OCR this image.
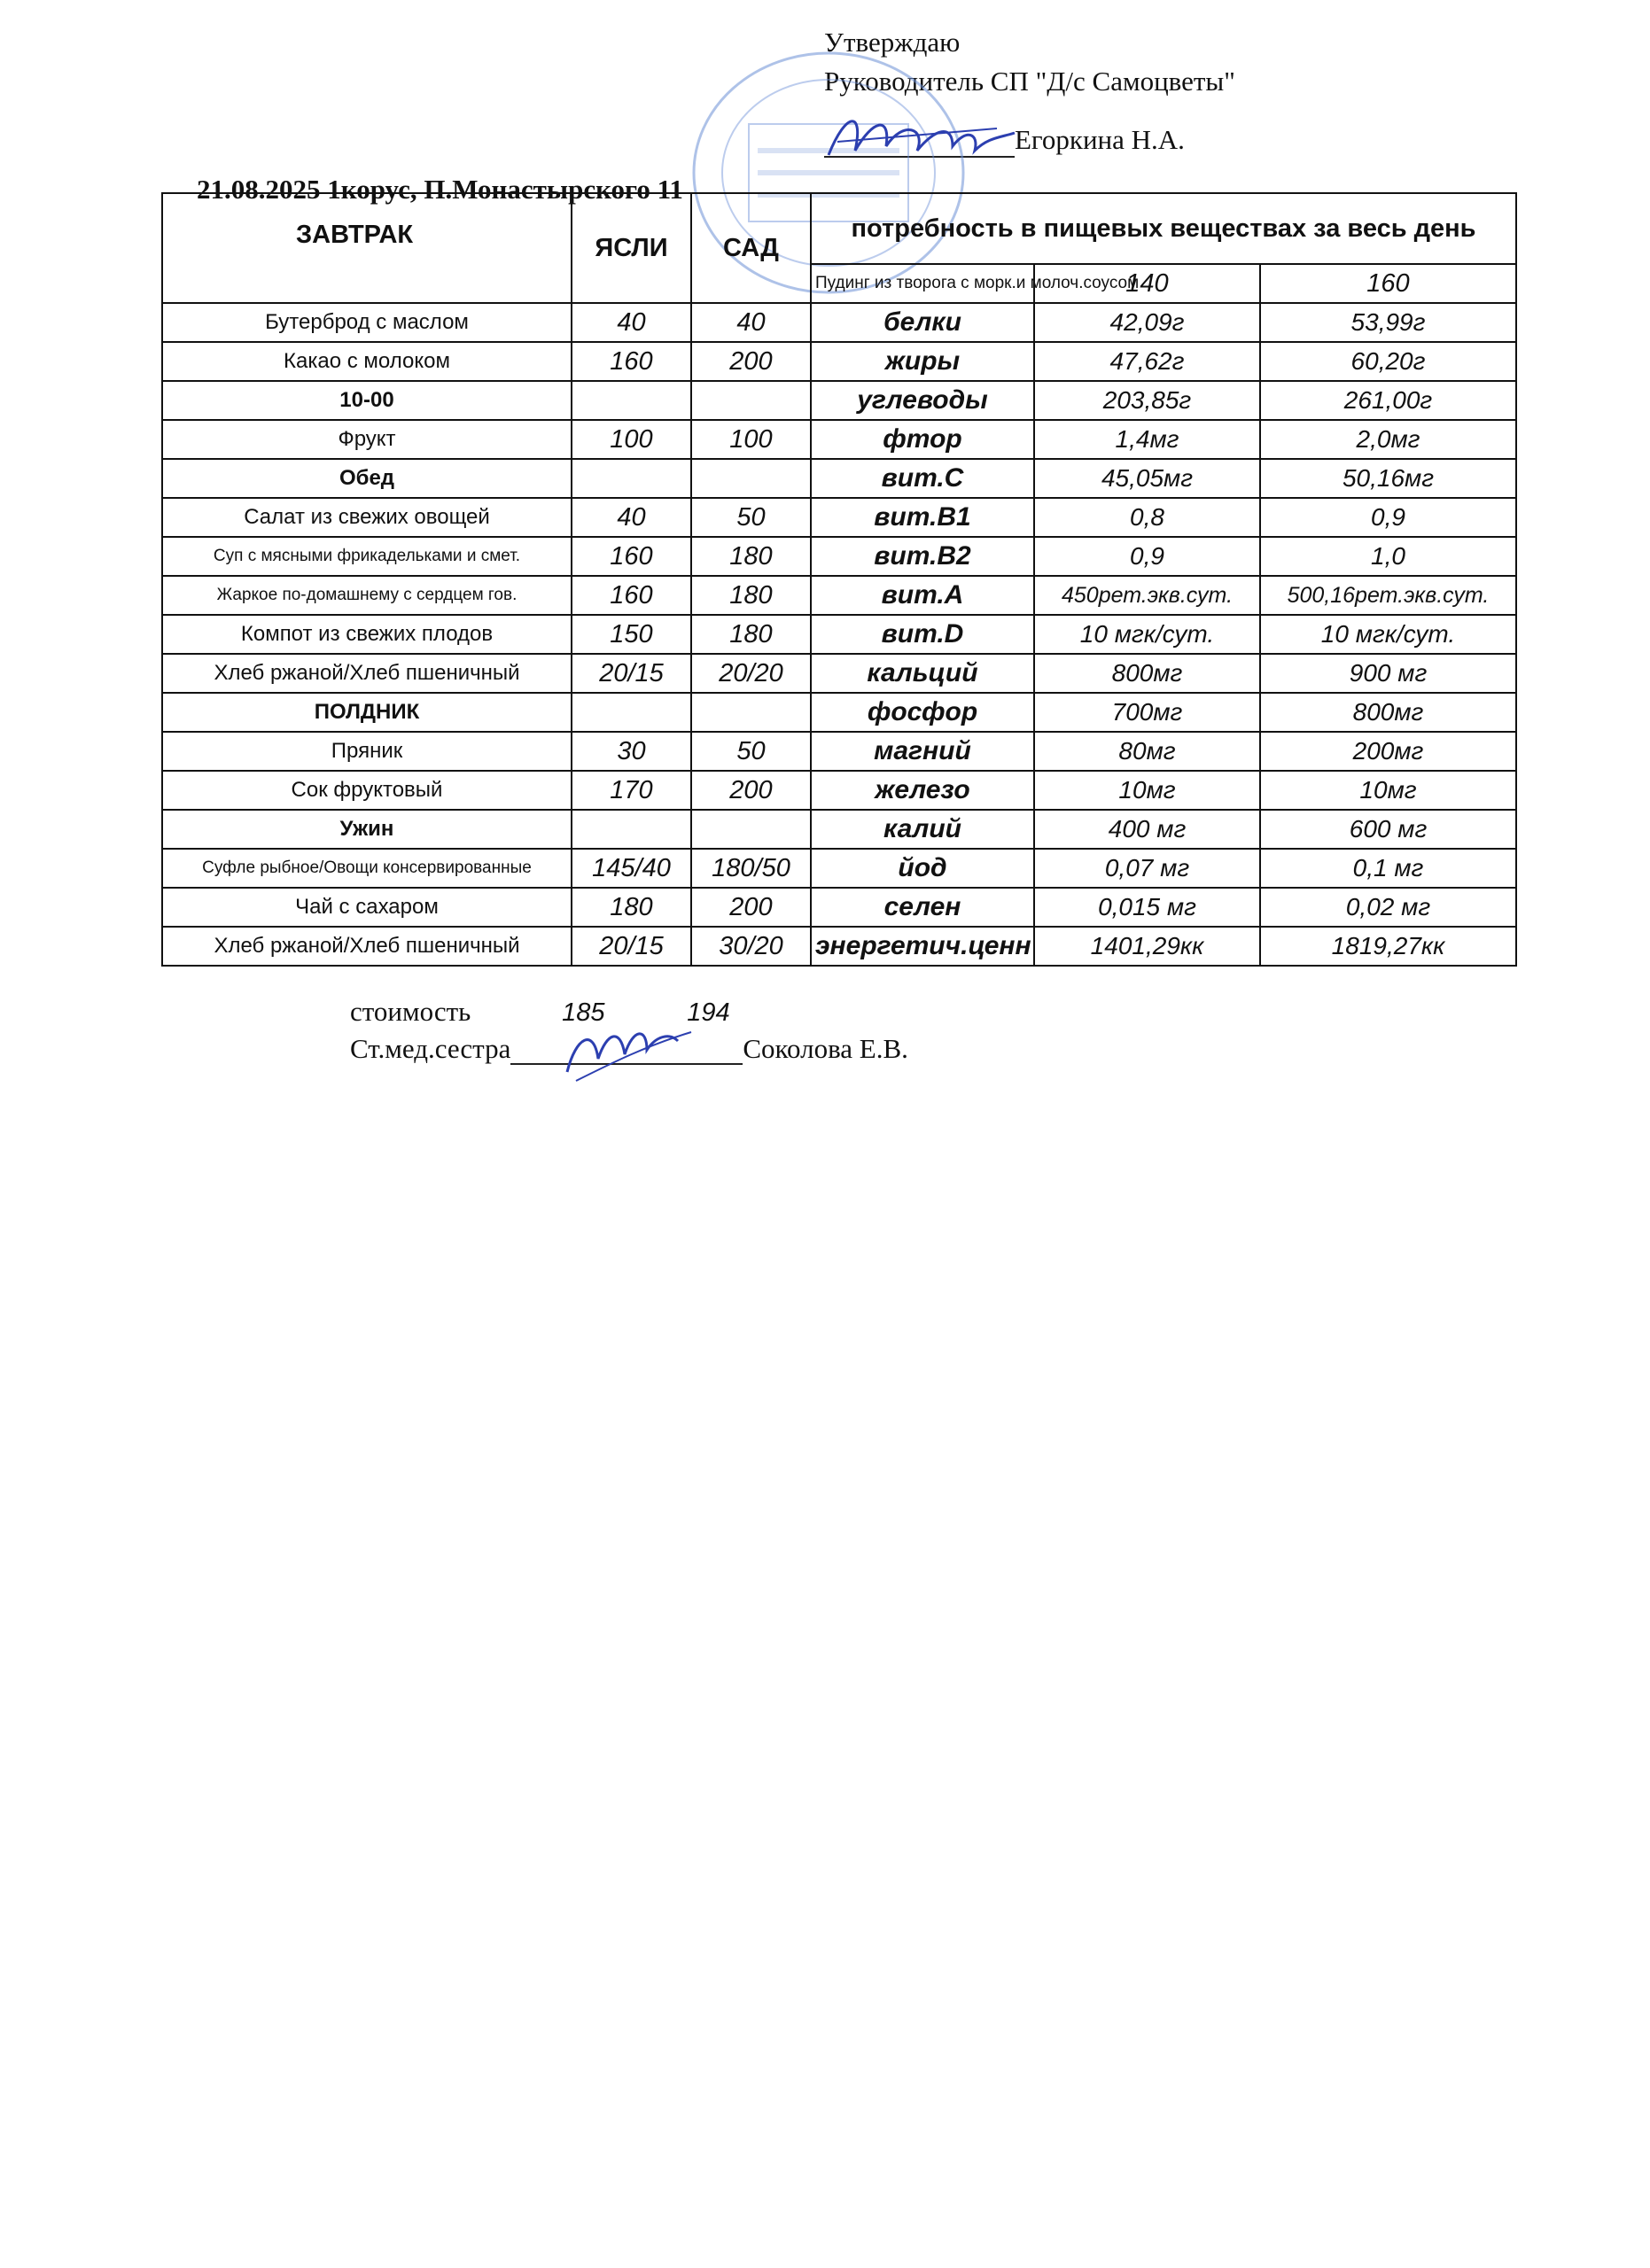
Утверждаю
Руководитель СП "Д/с Самоцветы"
Егоркина Н.А.
21.08.2025 1корус, П.Монастырского 11
ЗАВТРАК	ЯСЛИ	САД	потребность в пищевых веществах за весь день			
			Пудинг из творога с морк.и молоч.соусом	140	160			
Бутерброд с маслом	40	40	белки	42,09г	53,99г	
Какао с молоком	160	200	жиры	47,62г	60,20г	
10-00			углеводы	203,85г	261,00г	
Фрукт	100	100	фтор	1,4мг	2,0мг	
Обед			вит.С	45,05мг	50,16мг	
Салат из свежих овощей	40	50	вит.В1	0,8	0,9	
Суп с мясными фрикадельками и смет.	160	180	вит.В2	0,9	1,0	
Жаркое по-домашнему с сердцем гов.	160	180	вит.А	450рет.экв.сут.	500,16рет.экв.сут.	
Компот из свежих плодов	150	180	вит.D	10 мгк/сут.	10 мгк/сут.	
Хлеб ржаной/Хлеб пшеничный	20/15	20/20	кальций	800мг	900 мг	
ПОЛДНИК			фосфор	700мг	800мг	
Пряник	30	50	магний	80мг	200мг	
Сок фруктовый	170	200	железо	10мг	10мг	
Ужин			калий	400 мг	600 мг	
Суфле рыбное/Овощи консервированные	145/40	180/50	йод	0,07 мг	0,1 мг	
Чай с сахаром	180	200	селен	0,015 мг	0,02 мг	
Хлеб ржаной/Хлеб пшеничный	20/15	30/20	энергетич.ценн	1401,29кк	1819,27кк	
стоимость	185	194
Ст.мед.сестра	Соколова Е.В.
